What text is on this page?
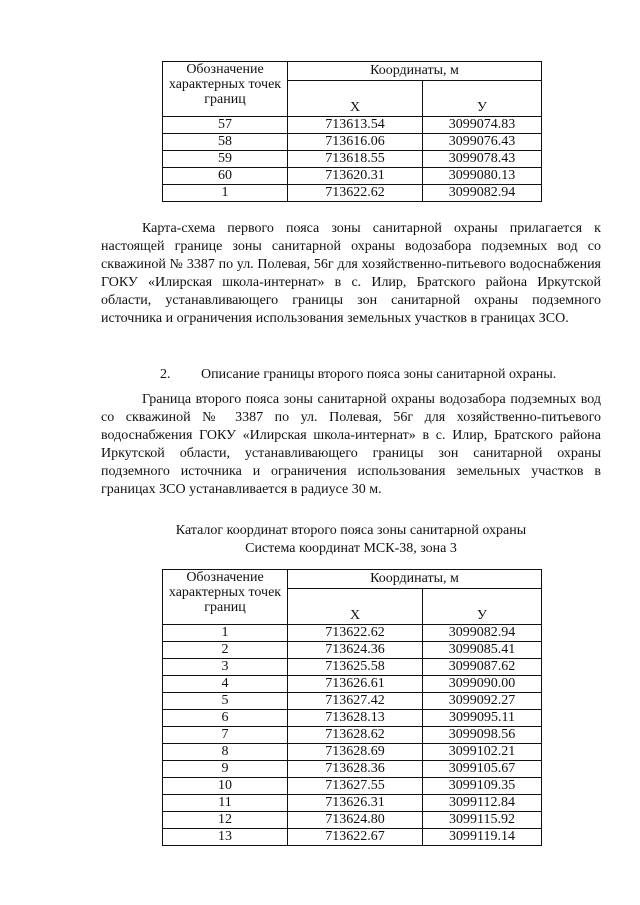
Обозначение характерных точек границ	Координаты, м	
	X	У
57	713613.54	3099074.83
58	713616.06	3099076.43
59	713618.55	3099078.43
60	713620.31	3099080.13
1	713622.62	3099082.94

Карта-схема первого пояса зоны санитарной охраны прилагается к настоящей границе зоны санитарной охраны водозабора подземных вод со скважиной № 3387 по ул. Полевая, 56г для хозяйственно-питьевого водоснабжения ГОКУ «Илирская школа-интернат» в с. Илир, Братского района Иркутской области, устанавливающего границы зон санитарной охраны подземного источника и ограничения использования земельных участков в границах ЗСО.

2. Описание границы второго пояса зоны санитарной охраны.

Граница второго пояса зоны санитарной охраны водозабора подземных вод со скважиной № 3387 по ул. Полевая, 56г для хозяйственно-питьевого водоснабжения ГОКУ «Илирская школа-интернат» в с. Илир, Братского района Иркутской области, устанавливающего границы зон санитарной охраны подземного источника и ограничения использования земельных участков в границах ЗСО устанавливается в радиусе 30 м.

Каталог координат второго пояса зоны санитарной охраны

Система координат МСК-38, зона 3

Обозначение характерных точек границ	Координаты, м	
	X	У
1	713622.62	3099082.94
2	713624.36	3099085.41
3	713625.58	3099087.62
4	713626.61	3099090.00
5	713627.42	3099092.27
6	713628.13	3099095.11
7	713628.62	3099098.56
8	713628.69	3099102.21
9	713628.36	3099105.67
10	713627.55	3099109.35
11	713626.31	3099112.84
12	713624.80	3099115.92
13	713622.67	3099119.14
